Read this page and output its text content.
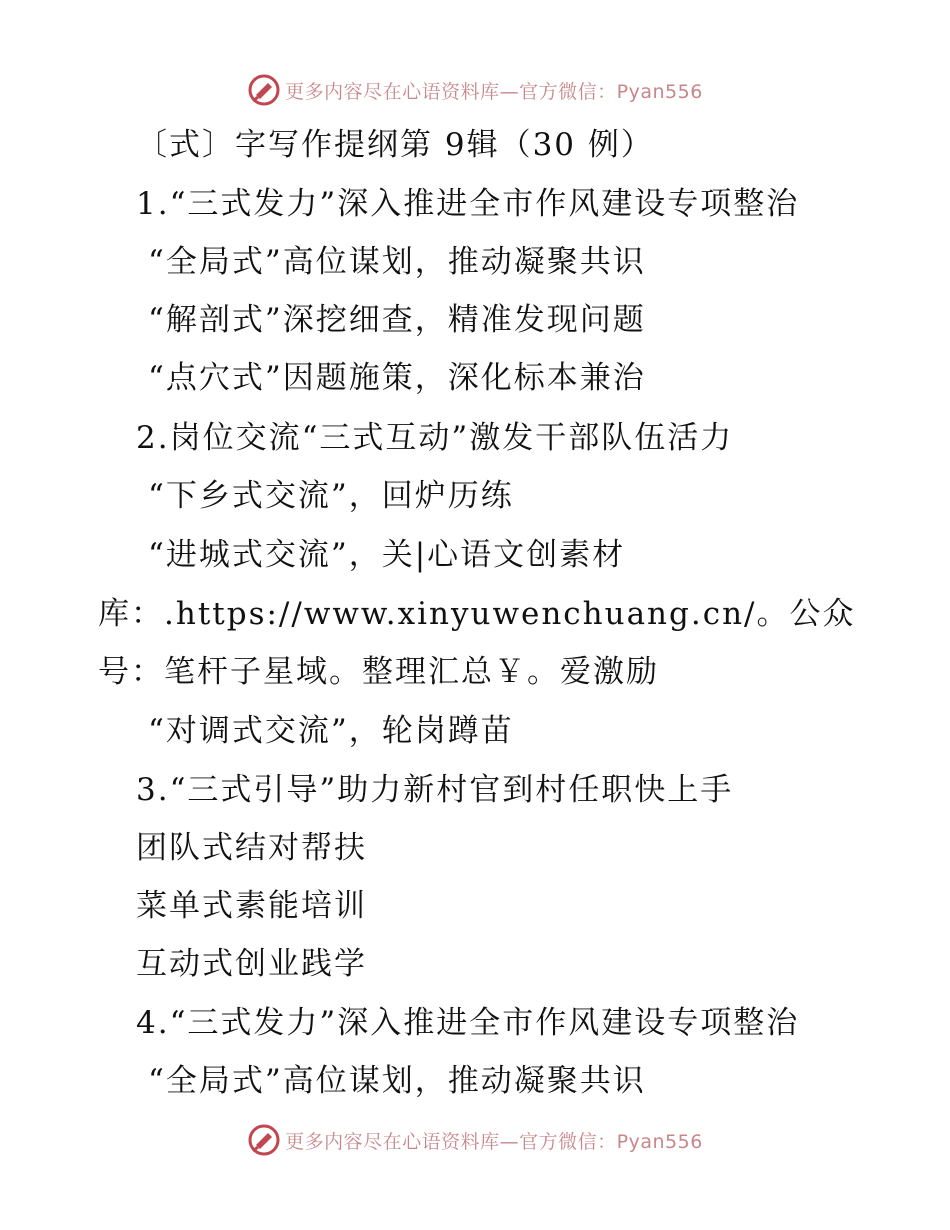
更多内容尽在心语资料库—官方微信：Pyan556
〔式〕字写作提纲第 9辑（30 例）
1.“三式发力”深入推进全市作风建设专项整治
“全局式”高位谋划，推动凝聚共识
“解剖式”深挖细查，精准发现问题
“点穴式”因题施策，深化标本兼治
2.岗位交流“三式互动”激发干部队伍活力
“下乡式交流”，回炉历练
“进城式交流”，关|心语文创素材
库：.https://www.xinyuwenchuang.cn/。公众
号：笔杆子星域。整理汇总￥。爱激励
“对调式交流”，轮岗蹲苗
3.“三式引导”助力新村官到村任职快上手
团队式结对帮扶
菜单式素能培训
互动式创业践学
4.“三式发力”深入推进全市作风建设专项整治
“全局式”高位谋划，推动凝聚共识
更多内容尽在心语资料库—官方微信：Pyan556
